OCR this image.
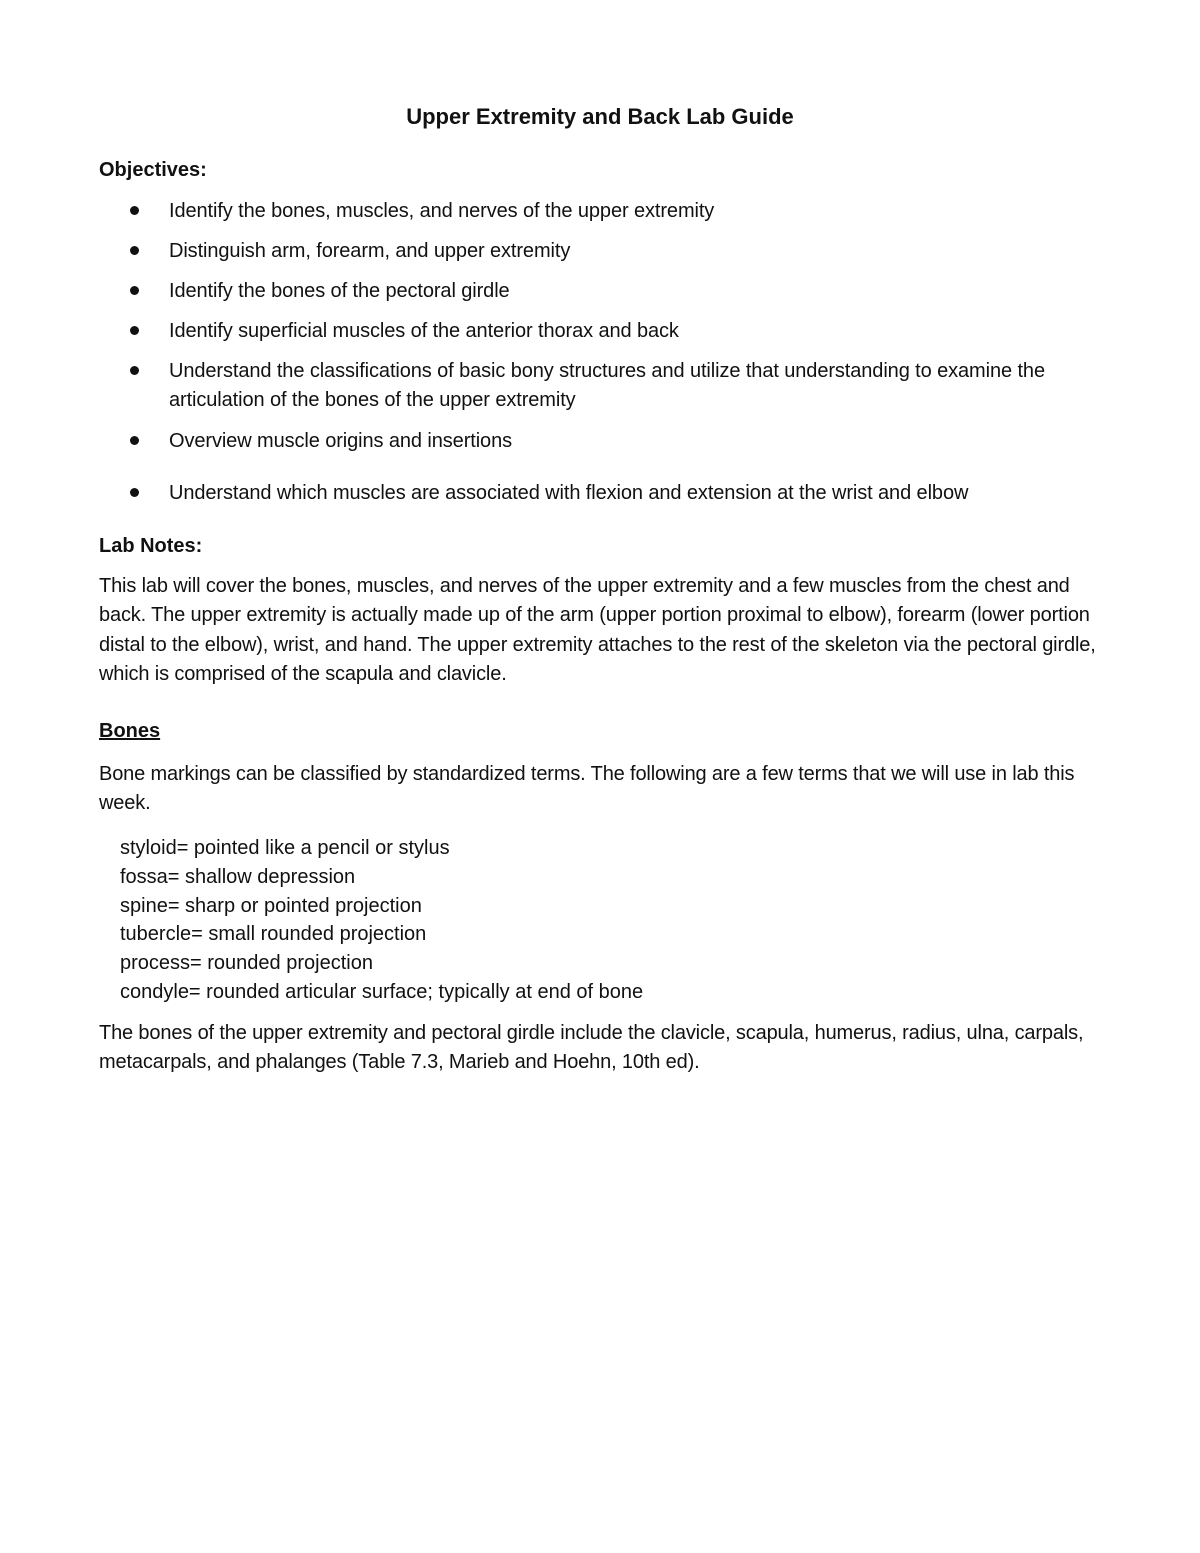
Upper Extremity and Back Lab Guide
Objectives:
Identify the bones, muscles, and nerves of the upper extremity
Distinguish arm, forearm, and upper extremity
Identify the bones of the pectoral girdle
Identify superficial muscles of the anterior thorax and back
Understand the classifications of basic bony structures and utilize that understanding to examine the articulation of the bones of the upper extremity
Overview muscle origins and insertions
Understand which muscles are associated with flexion and extension at the wrist and elbow
Lab Notes:
This lab will cover the bones, muscles, and nerves of the upper extremity and a few muscles from the chest and back. The upper extremity is actually made up of the arm (upper portion proximal to elbow), forearm (lower portion distal to the elbow), wrist, and hand. The upper extremity attaches to the rest of the skeleton via the pectoral girdle, which is comprised of the scapula and clavicle.
Bones
Bone markings can be classified by standardized terms. The following are a few terms that we will use in lab this week.
styloid= pointed like a pencil or stylus
fossa= shallow depression
spine= sharp or pointed projection
tubercle= small rounded projection
process= rounded projection
condyle= rounded articular surface; typically at end of bone
The bones of the upper extremity and pectoral girdle include the clavicle, scapula, humerus, radius, ulna, carpals, metacarpals, and phalanges (Table 7.3, Marieb and Hoehn, 10th ed).
